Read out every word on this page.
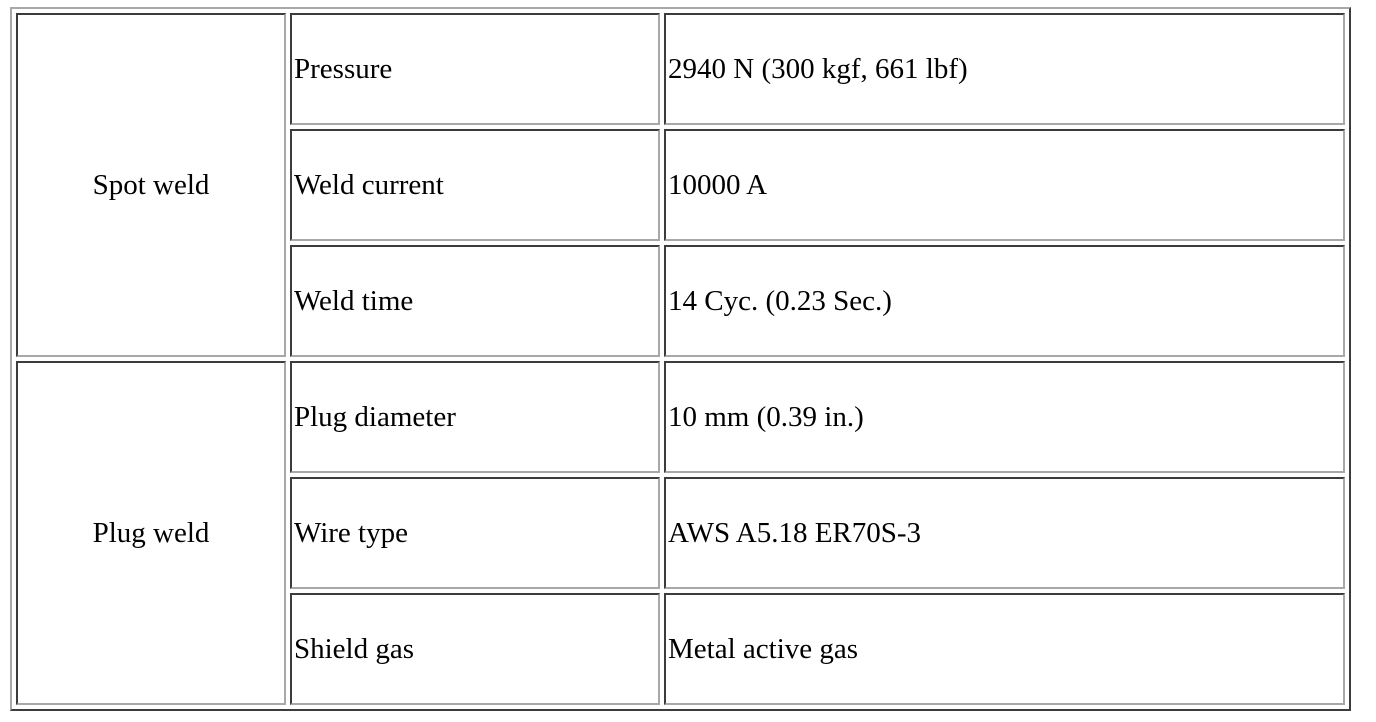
Spot weld	Pressure	2940 N (300 kgf, 661 lbf)
	Weld current	10000 A
	Weld time	14 Cyc. (0.23 Sec.)
Plug weld	Plug diameter	10 mm (0.39 in.)
	Wire type	AWS A5.18 ER70S-3
	Shield gas	Metal active gas
